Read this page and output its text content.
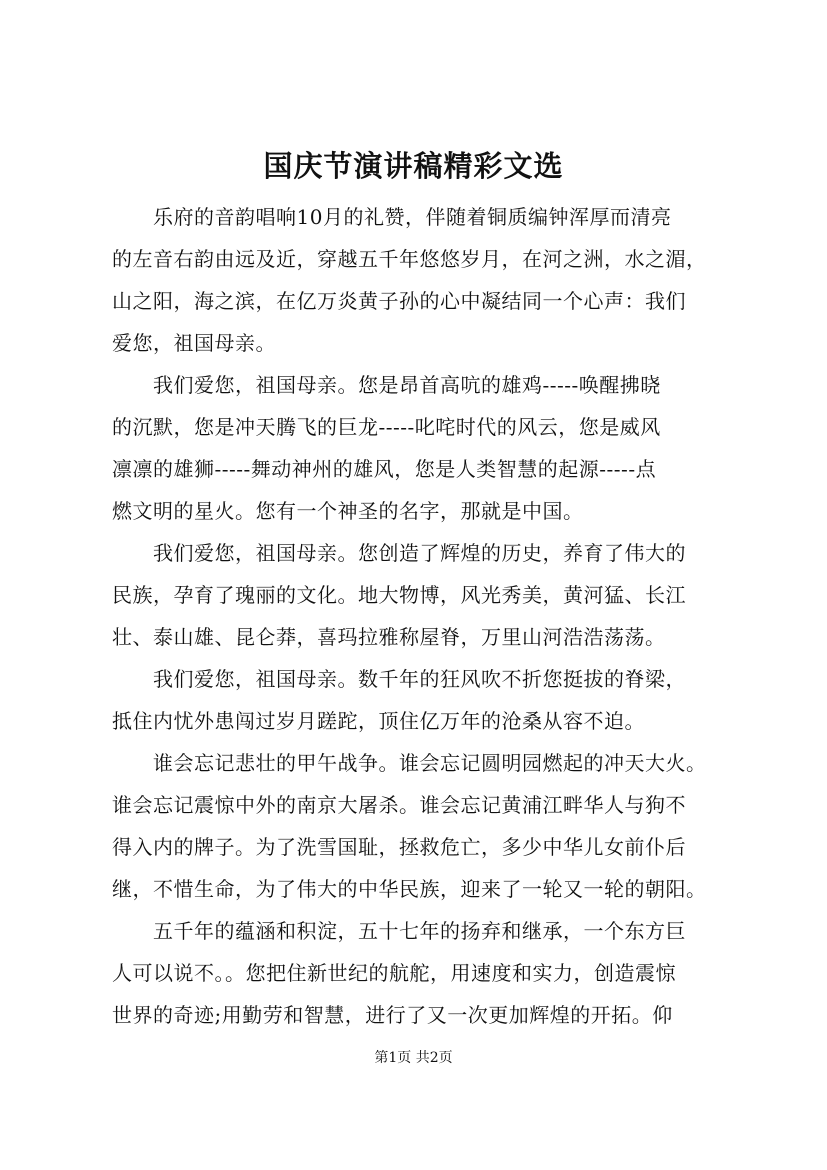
国庆节演讲稿精彩文选
　　乐府的音韵唱响10月的礼赞，伴随着铜质编钟浑厚而清亮
的左音右韵由远及近，穿越五千年悠悠岁月，在河之洲，水之湄，
山之阳，海之滨，在亿万炎黄子孙的心中凝结同一个心声：我们
爱您，祖国母亲。
　　我们爱您，祖国母亲。您是昂首高吭的雄鸡-----唤醒拂晓
的沉默，您是冲天腾飞的巨龙-----叱咤时代的风云，您是威风
凛凛的雄狮-----舞动神州的雄风，您是人类智慧的起源-----点
燃文明的星火。您有一个神圣的名字，那就是中国。
　　我们爱您，祖国母亲。您创造了辉煌的历史，养育了伟大的
民族，孕育了瑰丽的文化。地大物博，风光秀美，黄河猛、长江
壮、泰山雄、昆仑莽，喜玛拉雅称屋脊，万里山河浩浩荡荡。
　　我们爱您，祖国母亲。数千年的狂风吹不折您挺拔的脊梁，
抵住内忧外患闯过岁月蹉跎，顶住亿万年的沧桑从容不迫。
　　谁会忘记悲壮的甲午战争。谁会忘记圆明园燃起的冲天大火。
谁会忘记震惊中外的南京大屠杀。谁会忘记黄浦江畔华人与狗不
得入内的牌子。为了洗雪国耻，拯救危亡，多少中华儿女前仆后
继，不惜生命，为了伟大的中华民族，迎来了一轮又一轮的朝阳。
　　五千年的蕴涵和积淀，五十七年的扬弃和继承，一个东方巨
人可以说不。。您把住新世纪的航舵，用速度和实力，创造震惊
世界的奇迹;用勤劳和智慧，进行了又一次更加辉煌的开拓。仰
第1页 共2页
